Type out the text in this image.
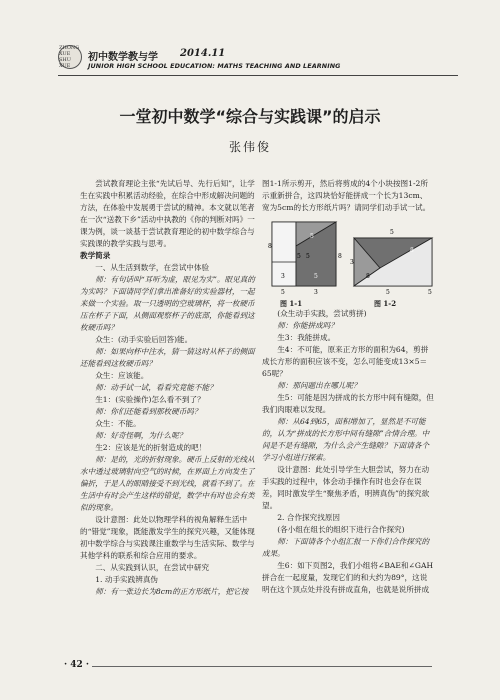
ZHONG XUE SHU XUE
初中数学教与学 2014.11
JUNIOR HIGH SCHOOL EDUCATION: MATHS TEACHING AND LEARNING
一堂初中数学“综合与实践课”的启示
张伟俊

尝试教育理论主张“先试后导、先行后知”，让学生在实践中积累活动经验，在综合中形成解决问题的方法，在体验中发展勇于尝试的精神。本文就以笔者在一次“送教下乡”活动中执教的《你的判断对吗》一课为例，谈一谈基于尝试教育理论的初中数学综合与实践课的教学实践与思考。

教学简录

一、从生活到数学，在尝试中体验

师：有句话叫“耳听为虚，眼见为实”。眼见真的为实吗？下面请同学们拿出准备好的实验器材，一起来做一个实验。取一只透明的空玻璃杯，将一枚硬币压在杯子下面，从侧面观察杯子的底部，你能看到这枚硬币吗？

众生：(动手实验后回答)能。

师：如果向杯中注水，猜一猜这时从杯子的侧面还能看到这枚硬币吗？

众生：应该能。

师：动手试一试，看看究竟能不能？

生1：(实验操作)怎么看不到了？

师：你们还能看到那枚硬币吗？

众生：不能。

师：好奇怪啊，为什么呢？

生2：应该是光的折射造成的吧！

师：是的，光的折射现象。硬币上反射的光线从水中透过玻璃射向空气的时候，在界面上方向发生了偏折，于是人的眼睛接受不到光线，就看不到了。在生活中有时会产生这样的错觉，数学中有时也会有类似的现象。

设计意图：此处以物理学科的视角解释生活中的“错觉”现象，既能激发学生的探究兴趣，又能体现初中数学综合与实践课注重数学与生活实际、数学与其他学科的联系和综合应用的要求。

二、从实践到认识，在尝试中研究

1. 动手实践辨真伪

师：有一张边长为8cm的正方形纸片，把它按

图1-1所示剪开，然后将剪成的4个小块按图1-2所示重新拼合，这四块恰好能拼成一个长为13cm、宽为5cm的长方形纸片吗？请同学们动手试一试。

8
8
5
3	5
5	3
5 5
5
8
8
3
5	5
图 1-1	图 1-2

(众生动手实践，尝试剪拼)

师：你能拼成吗？

生3：我能拼成。

生4：不可能，原来正方形的面积为64，剪拼成长方形的面积应该不变，怎么可能变成13×5＝65呢？

师：那问题出在哪儿呢？

生5：可能是因为拼成的长方形中间有缝隙，但我们肉眼难以发现。

师：从64到65，面积增加了，显然是不可能的，认为“拼成的长方形中间有缝隙”合情合理。中间是不是有缝隙，为什么会产生缝隙？下面请各个学习小组进行探索。

设计意图：此处引导学生大胆尝试，努力在动手实践的过程中，体会动手操作有时也会存在误差，同时激发学生“聚焦矛盾，明辨真伪”的探究欲望。

2. 合作探究找原因

(各小组在组长的组织下进行合作探究)

师：下面请各个小组汇报一下你们合作探究的成果。

生6：如下页图2，我们小组将∠BAE和∠GAH拼合在一起度量，发现它们的和大约为89°，这说明在这个顶点处并没有拼成直角，也就是说所拼成

· 42 ·
